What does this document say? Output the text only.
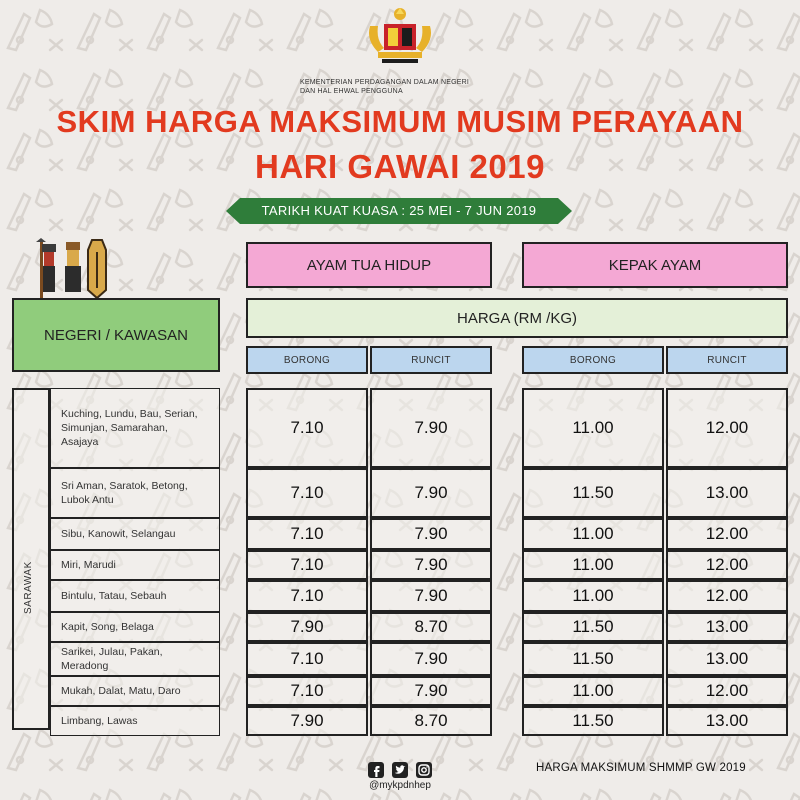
KEMENTERIAN PERDAGANGAN DALAM NEGERI
DAN HAL EHWAL PENGGUNA
SKIM HARGA MAKSIMUM MUSIM PERAYAAN
HARI GAWAI 2019
TARIKH KUAT KUASA : 25 MEI - 7 JUN 2019
AYAM TUA HIDUP	KEPAK AYAM
NEGERI / KAWASAN
HARGA (RM /KG)
BORONG	RUNCIT	BORONG	RUNCIT
SARAWAK
Kuching, Lundu, Bau, Serian,
Simunjan, Samarahan,
Asajaya
7.10	7.90	11.00	12.00
Sri Aman, Saratok, Betong,
Lubok Antu	7.10	7.90	11.50	13.00
Sibu, Kanowit, Selangau	7.10	7.90	11.00	12.00
Miri, Marudi	7.10	7.90	11.00	12.00
Bintulu, Tatau, Sebauh	7.10	7.90	11.00	12.00
Kapit, Song, Belaga	7.90	8.70	11.50	13.00
Sarikei, Julau, Pakan,
Meradong	7.10	7.90	11.50	13.00
Mukah, Dalat, Matu, Daro	7.10	7.90	11.00	12.00
Limbang, Lawas	7.90	8.70	11.50	13.00
@mykpdnhep
HARGA MAKSIMUM SHMMP GW 2019
